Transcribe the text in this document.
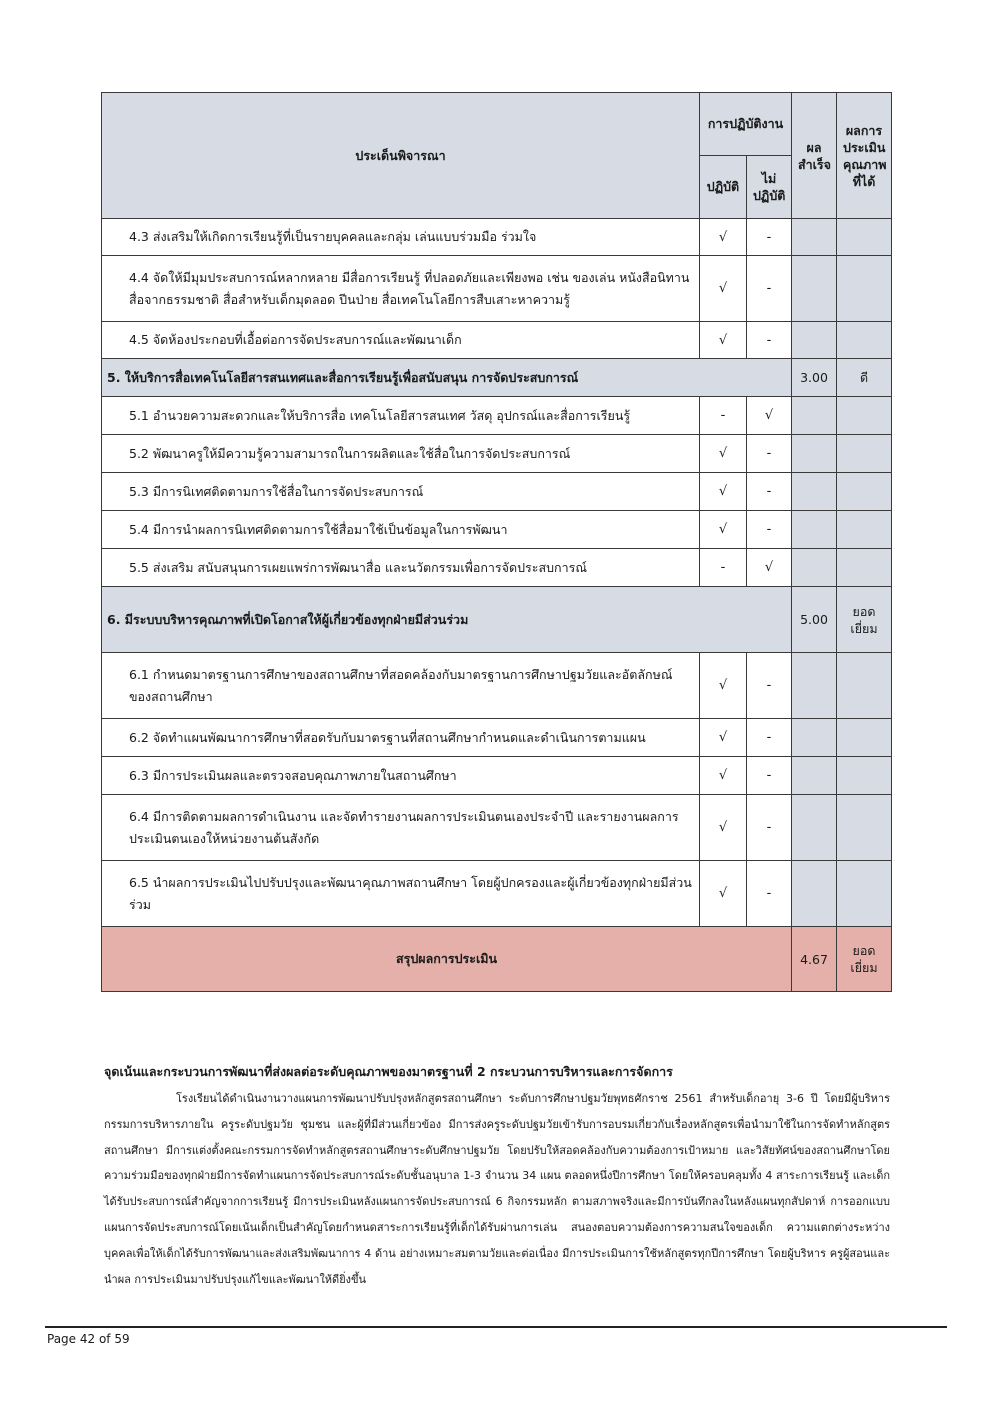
ประเด็นพิจารณา	การปฏิบัติงาน		ผลสำเร็จ	ผลการประเมินคุณภาพที่ได้
	ปฏิบัติ	ไม่ปฏิบัติ		
4.3 ส่งเสริมให้เกิดการเรียนรู้ที่เป็นรายบุคคลและกลุ่ม เล่นแบบร่วมมือ ร่วมใจ	√	-		
4.4 จัดให้มีมุมประสบการณ์หลากหลาย มีสื่อการเรียนรู้ ที่ปลอดภัยและเพียงพอ เช่น ของเล่น หนังสือนิทาน สื่อจากธรรมชาติ สื่อสำหรับเด็กมุดลอด ปีนป่าย สื่อเทคโนโลยีการสืบเสาะหาความรู้	√	-		
4.5 จัดห้องประกอบที่เอื้อต่อการจัดประสบการณ์และพัฒนาเด็ก	√	-		
5. ให้บริการสื่อเทคโนโลยีสารสนเทศและสื่อการเรียนรู้เพื่อสนับสนุน การจัดประสบการณ์			3.00	ดี
5.1 อำนวยความสะดวกและให้บริการสื่อ เทคโนโลยีสารสนเทศ วัสดุ อุปกรณ์และสื่อการเรียนรู้	-	√		
5.2 พัฒนาครูให้มีความรู้ความสามารถในการผลิตและใช้สื่อในการจัดประสบการณ์	√	-		
5.3 มีการนิเทศติดตามการใช้สื่อในการจัดประสบการณ์	√	-		
5.4 มีการนำผลการนิเทศติดตามการใช้สื่อมาใช้เป็นข้อมูลในการพัฒนา	√	-		
5.5 ส่งเสริม สนับสนุนการเผยแพร่การพัฒนาสื่อ และนวัตกรรมเพื่อการจัดประสบการณ์	-	√		
6. มีระบบบริหารคุณภาพที่เปิดโอกาสให้ผู้เกี่ยวข้องทุกฝ่ายมีส่วนร่วม			5.00	ยอดเยี่ยม
6.1 กำหนดมาตรฐานการศึกษาของสถานศึกษาที่สอดคล้องกับมาตรฐานการศึกษาปฐมวัยและอัตลักษณ์ของสถานศึกษา	√	-		
6.2 จัดทำแผนพัฒนาการศึกษาที่สอดรับกับมาตรฐานที่สถานศึกษากำหนดและดำเนินการตามแผน	√	-		
6.3 มีการประเมินผลและตรวจสอบคุณภาพภายในสถานศึกษา	√	-		
6.4 มีการติดตามผลการดำเนินงาน และจัดทำรายงานผลการประเมินตนเองประจำปี และรายงานผลการประเมินตนเองให้หน่วยงานต้นสังกัด	√	-		
6.5 นำผลการประเมินไปปรับปรุงและพัฒนาคุณภาพสถานศึกษา โดยผู้ปกครองและผู้เกี่ยวข้องทุกฝ่ายมีส่วนร่วม	√	-		
สรุปผลการประเมิน			4.67	ยอดเยี่ยม

จุดเน้นและกระบวนการพัฒนาที่ส่งผลต่อระดับคุณภาพของมาตรฐานที่ 2 กระบวนการบริหารและการจัดการ

โรงเรียนได้ดำเนินงานวางแผนการพัฒนาปรับปรุงหลักสูตรสถานศึกษา ระดับการศึกษาปฐมวัยพุทธศักราช 2561 สำหรับเด็กอายุ 3-6 ปี โดยมีผู้บริหาร กรรมการบริหารภายใน ครูระดับปฐมวัย ชุมชน และผู้ที่มีส่วนเกี่ยวข้อง มีการส่งครูระดับปฐมวัยเข้ารับการอบรมเกี่ยวกับเรื่องหลักสูตรเพื่อนำมาใช้ในการจัดทำหลักสูตรสถานศึกษา มีการแต่งตั้งคณะกรรมการจัดทำหลักสูตรสถานศึกษาระดับศึกษาปฐมวัย โดยปรับให้สอดคล้องกับความต้องการเป้าหมาย และวิสัยทัศน์ของสถานศึกษาโดยความร่วมมือของทุกฝ่ายมีการจัดทำแผนการจัดประสบการณ์ระดับชั้นอนุบาล 1-3 จำนวน 34 แผน ตลอดหนึ่งปีการศึกษา โดยให้ครอบคลุมทั้ง 4 สาระการเรียนรู้ และเด็กได้รับประสบการณ์สำคัญจากการเรียนรู้ มีการประเมินหลังแผนการจัดประสบการณ์ 6 กิจกรรมหลัก ตามสภาพจริงและมีการบันทึกลงในหลังแผนทุกสัปดาห์ การออกแบบแผนการจัดประสบการณ์โดยเน้นเด็กเป็นสำคัญโดยกำหนดสาระการเรียนรู้ที่เด็กได้รับผ่านการเล่น สนองตอบความต้องการความสนใจของเด็ก ความแตกต่างระหว่างบุคคลเพื่อให้เด็กได้รับการพัฒนาและส่งเสริมพัฒนาการ 4 ด้าน อย่างเหมาะสมตามวัยและต่อเนื่อง มีการประเมินการใช้หลักสูตรทุกปีการศึกษา โดยผู้บริหาร ครูผู้สอนและนำผล การประเมินมาปรับปรุงแก้ไขและพัฒนาให้ดียิ่งขึ้น

Page 42 of 59
